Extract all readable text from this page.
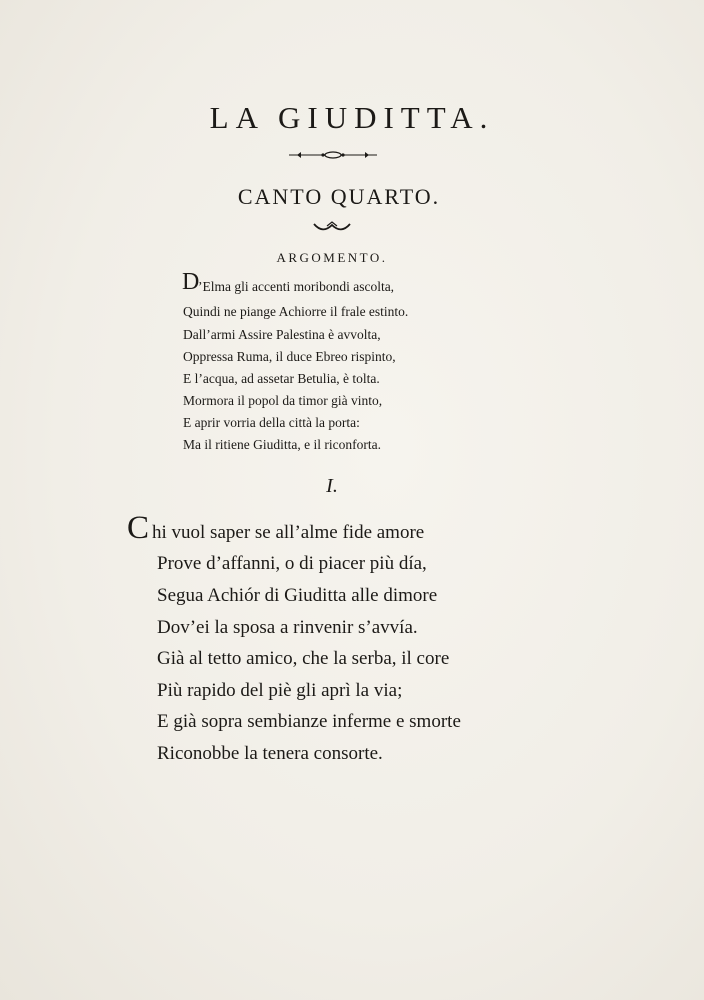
LA GIUDITTA.
CANTO QUARTO.
ARGOMENTO.
D
’Elma gli accenti moribondi ascolta,
Quindi ne piange Achiorre il frale estinto.
Dall’armi Assire Palestina è avvolta,
Oppressa Ruma, il duce Ebreo rispinto,
E l’acqua, ad assetar Betulia, è tolta.
Mormora il popol da timor già vinto,
E aprir vorria della città la porta:
Ma il ritiene Giuditta, e il riconforta.
I.
C hi vuol saper se all’alme fide amore
Prove d’affanni, o di piacer più día,
Segua Achiór di Giuditta alle dimore
Dov’ei la sposa a rinvenir s’avvía.
Già al tetto amico, che la serba, il core
Più rapido del piè gli aprì la via;
E già sopra sembianze inferme e smorte
Riconobbe la tenera consorte.
